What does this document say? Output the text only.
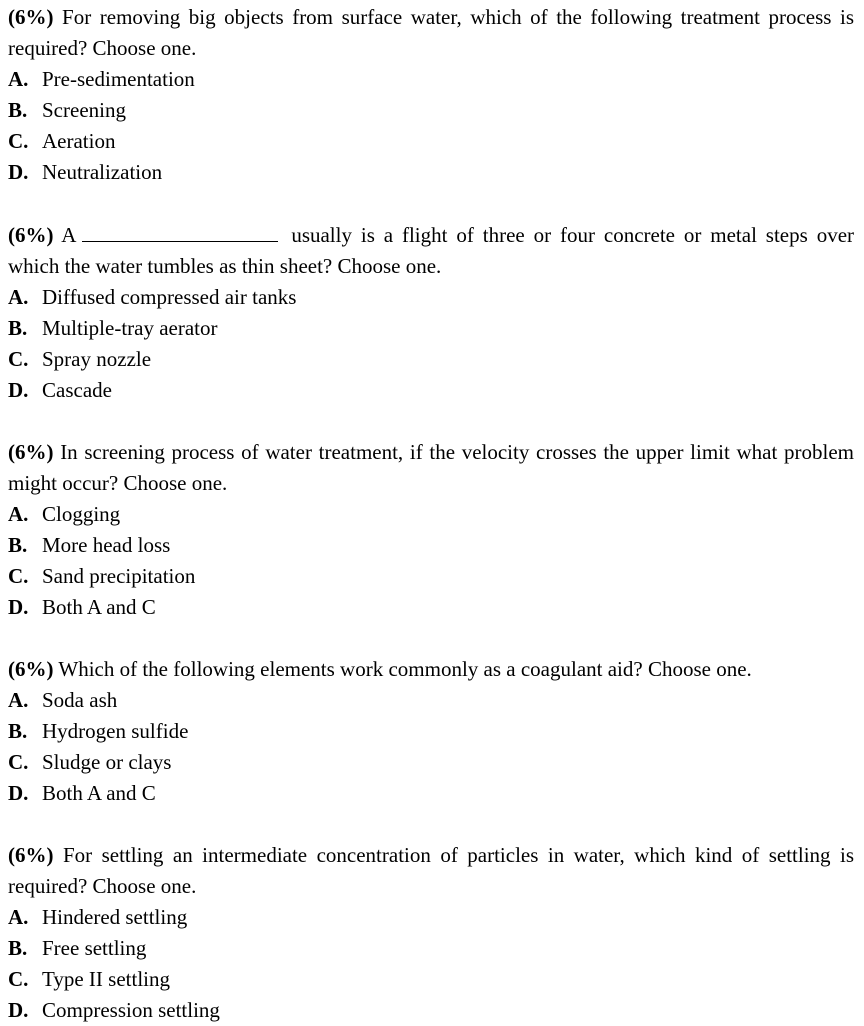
(6%) For removing big objects from surface water, which of the following treatment process is required? Choose one.

A. Pre-sedimentation
B. Screening
C. Aeration
D. Neutralization

(6%) A	usually is a flight of three or four concrete or metal steps over which the water tumbles as thin sheet? Choose one.

A. Diffused compressed air tanks
B. Multiple-tray aerator
C. Spray nozzle
D. Cascade

(6%) In screening process of water treatment, if the velocity crosses the upper limit what problem might occur? Choose one.

A. Clogging
B. More head loss
C. Sand precipitation
D. Both A and C

(6%) Which of the following elements work commonly as a coagulant aid? Choose one.

A. Soda ash
B. Hydrogen sulfide
C. Sludge or clays
D. Both A and C

(6%) For settling an intermediate concentration of particles in water, which kind of settling is required? Choose one.

A. Hindered settling
B. Free settling
C. Type II settling
D. Compression settling
